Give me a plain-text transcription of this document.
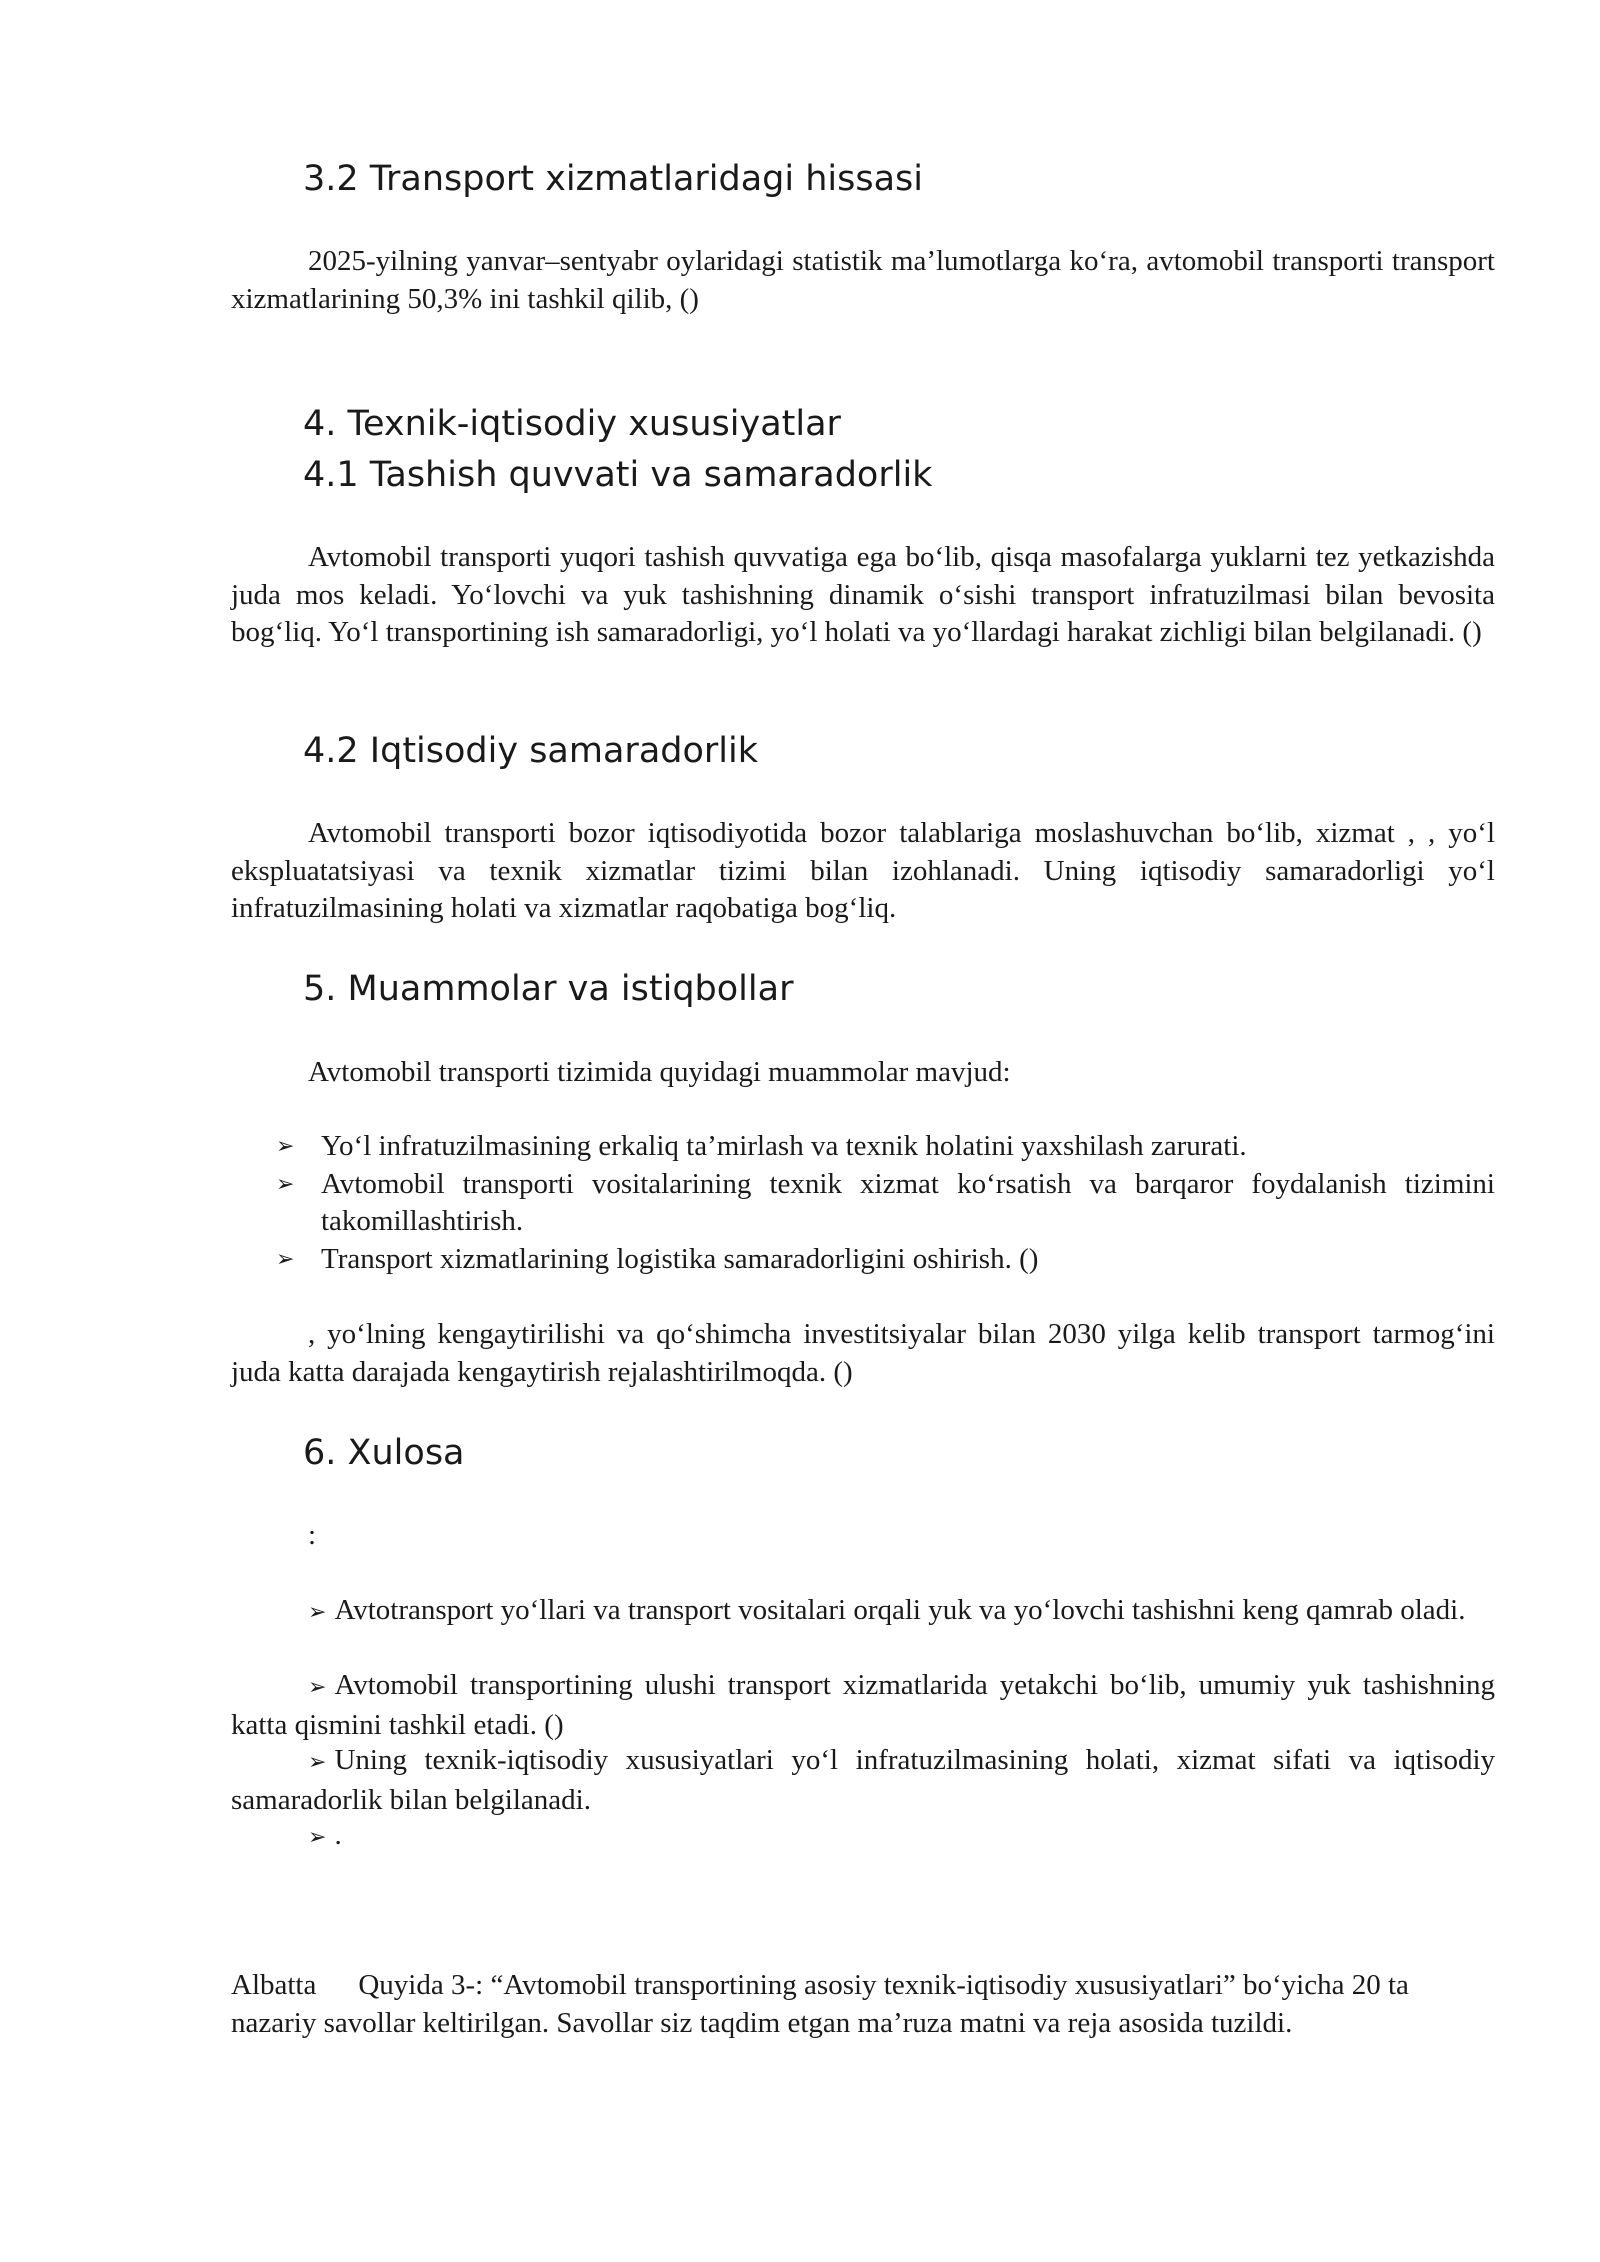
3.2 Transport xizmatlaridagi hissasi

2025-yilning yanvar–sentyabr oylaridagi statistik ma’lumotlarga ko‘ra, avtomobil transporti transport xizmatlarining 50,3% ini tashkil qilib, ()

4. Texnik-iqtisodiy xususiyatlar
4.1 Tashish quvvati va samaradorlik

Avtomobil transporti yuqori tashish quvvatiga ega bo‘lib, qisqa masofalarga yuklarni tez yetkazishda juda mos keladi. Yo‘lovchi va yuk tashishning dinamik o‘sishi transport infratuzilmasi bilan bevosita bog‘liq. Yo‘l transportining ish samaradorligi, yo‘l holati va yo‘llardagi harakat zichligi bilan belgilanadi. ()

4.2 Iqtisodiy samaradorlik

Avtomobil transporti bozor iqtisodiyotida bozor talablariga moslashuvchan bo‘lib, xizmat , , yo‘l ekspluatatsiyasi va texnik xizmatlar tizimi bilan izohlanadi. Uning iqtisodiy samaradorligi yo‘l infratuzilmasining holati va xizmatlar raqobatiga bog‘liq.

5. Muammolar va istiqbollar

Avtomobil transporti tizimida quyidagi muammolar mavjud:

➢ Yo‘l infratuzilmasining erkaliq ta’mirlash va texnik holatini yaxshilash zarurati.
➢ Avtomobil transporti vositalarining texnik xizmat ko‘rsatish va barqaror foydalanish tizimini takomillashtirish.
➢ Transport xizmatlarining logistika samaradorligini oshirish. ()

, yo‘lning kengaytirilishi va qo‘shimcha investitsiyalar bilan 2030 yilga kelib transport tarmog‘ini juda katta darajada kengaytirish rejalashtirilmoqda. ()

6. Xulosa

:

➢ Avtotransport yo‘llari va transport vositalari orqali yuk va yo‘lovchi tashishni keng qamrab oladi.

➢ Avtomobil transportining ulushi transport xizmatlarida yetakchi bo‘lib, umumiy yuk tashishning katta qismini tashkil etadi. ()

➢ Uning texnik-iqtisodiy xususiyatlari yo‘l infratuzilmasining holati, xizmat sifati va iqtisodiy samaradorlik bilan belgilanadi.

➢ .

Albatta Quyida 3-: “Avtomobil transportining asosiy texnik-iqtisodiy xususiyatlari” bo‘yicha 20 ta nazariy savollar keltirilgan. Savollar siz taqdim etgan ma’ruza matni va reja asosida tuzildi.
